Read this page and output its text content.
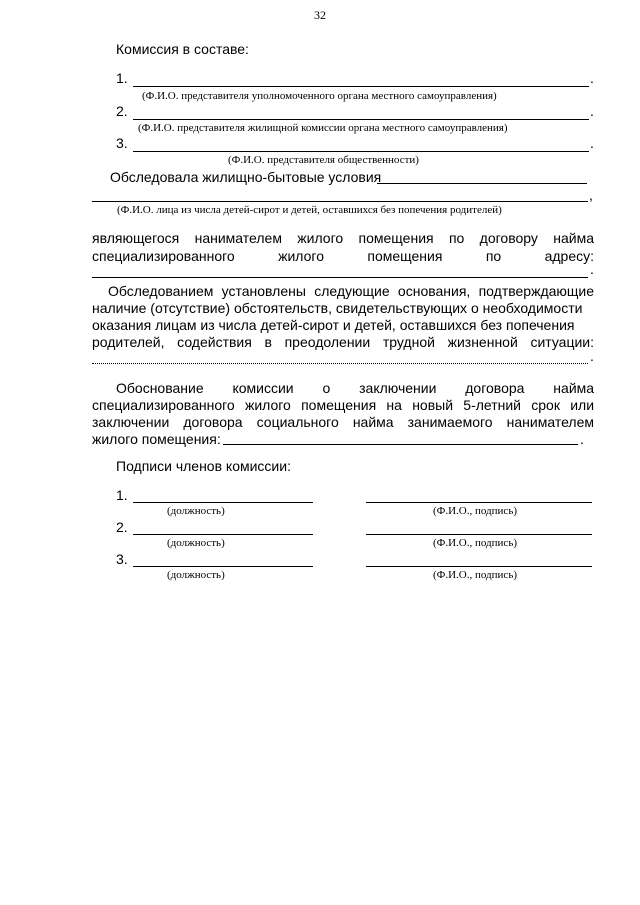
32
Комиссия в составе:
1.	.
(Ф.И.О. представителя уполномоченного органа местного самоуправления)
2.	.
(Ф.И.О. представителя жилищной комиссии органа местного самоуправления)
3.	.
(Ф.И.О. представителя общественности)
Обследовала жилищно-бытовые условия
,
(Ф.И.О. лица из числа детей-сирот и детей, оставшихся без попечения родителей)
являющегося нанимателем жилого помещения по договору найма
специализированного	жилого	помещения	по	адресу:
.
Обследованием установлены следующие основания, подтверждающие
наличие (отсутствие) обстоятельств, свидетельствующих о необходимости
оказания лицам из числа детей-сирот и детей, оставшихся без попечения
родителей, содействия в преодолении трудной жизненной ситуации:
.
Обоснование комиссии о заключении договора найма
специализированного жилого помещения на новый 5-летний срок или
заключении договора социального найма занимаемого нанимателем
жилого помещения:	.
Подписи членов комиссии:
1.
(должность)	(Ф.И.О., подпись)
2.
(должность)	(Ф.И.О., подпись)
3.
(должность)	(Ф.И.О., подпись)
